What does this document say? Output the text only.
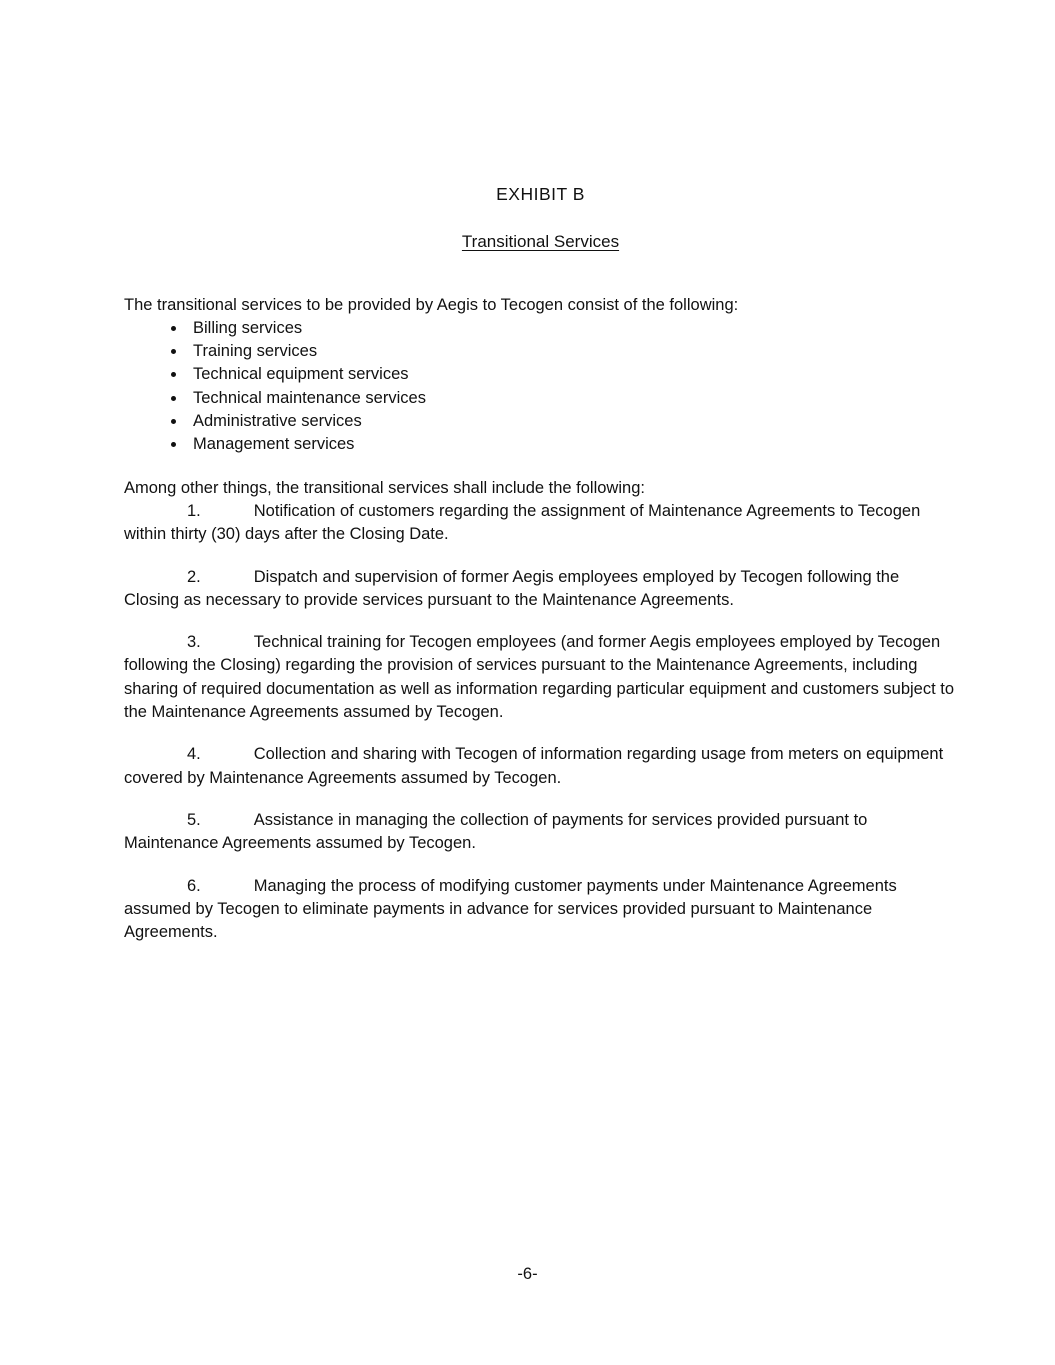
EXHIBIT B
Transitional Services

The transitional services to be provided by Aegis to Tecogen consist of the following:

• Billing services
• Training services
• Technical equipment services
• Technical maintenance services
• Administrative services
• Management services

Among other things, the transitional services shall include the following:

1.	Notification of customers regarding the assignment of Maintenance Agreements to Tecogen within thirty (30) days after the Closing Date.

2.	Dispatch and supervision of former Aegis employees employed by Tecogen following the Closing as necessary to provide services pursuant to the Maintenance Agreements.

3.	Technical training for Tecogen employees (and former Aegis employees employed by Tecogen following the Closing) regarding the provision of services pursuant to the Maintenance Agreements, including sharing of required documentation as well as information regarding particular equipment and customers subject to the Maintenance Agreements assumed by Tecogen.

4.	Collection and sharing with Tecogen of information regarding usage from meters on equipment covered by Maintenance Agreements assumed by Tecogen.

5.	Assistance in managing the collection of payments for services provided pursuant to Maintenance Agreements assumed by Tecogen.

6.	Managing the process of modifying customer payments under Maintenance Agreements assumed by Tecogen to eliminate payments in advance for services provided pursuant to Maintenance Agreements.

-6-
